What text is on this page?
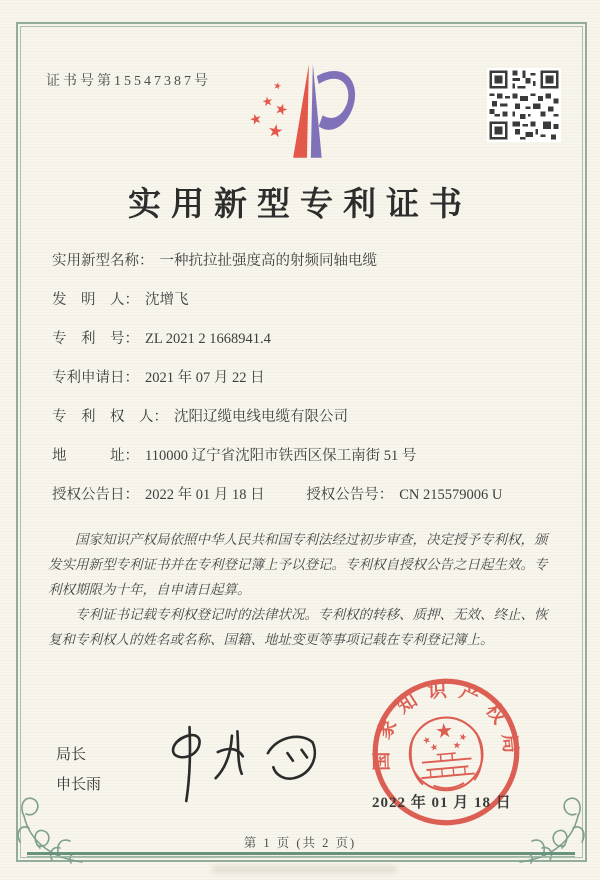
证书号第15547387号
实用新型专利证书
实用新型名称： 一种抗拉扯强度高的射频同轴电缆
发　明　人： 沈增飞
专　利　号： ZL 2021 2 1668941.4
专利申请日： 2021 年 07 月 22 日
专　利　权　人： 沈阳辽缆电线电缆有限公司
地　　　址： 110000 辽宁省沈阳市铁西区保工南街 51 号
授权公告日： 2022 年 01 月 18 日	授权公告号： CN 215579006 U

国家知识产权局依照中华人民共和国专利法经过初步审查，决定授予专利权，颁发实用新型专利证书并在专利登记簿上予以登记。专利权自授权公告之日起生效。专利权期限为十年，自申请日起算。

专利证书记载专利权登记时的法律状况。专利权的转移、质押、无效、终止、恢复和专利权人的姓名或名称、国籍、地址变更等事项记载在专利登记簿上。

局长
申长雨
国家知识产权局
2022 年 01 月 18 日
第 1 页 (共 2 页)
